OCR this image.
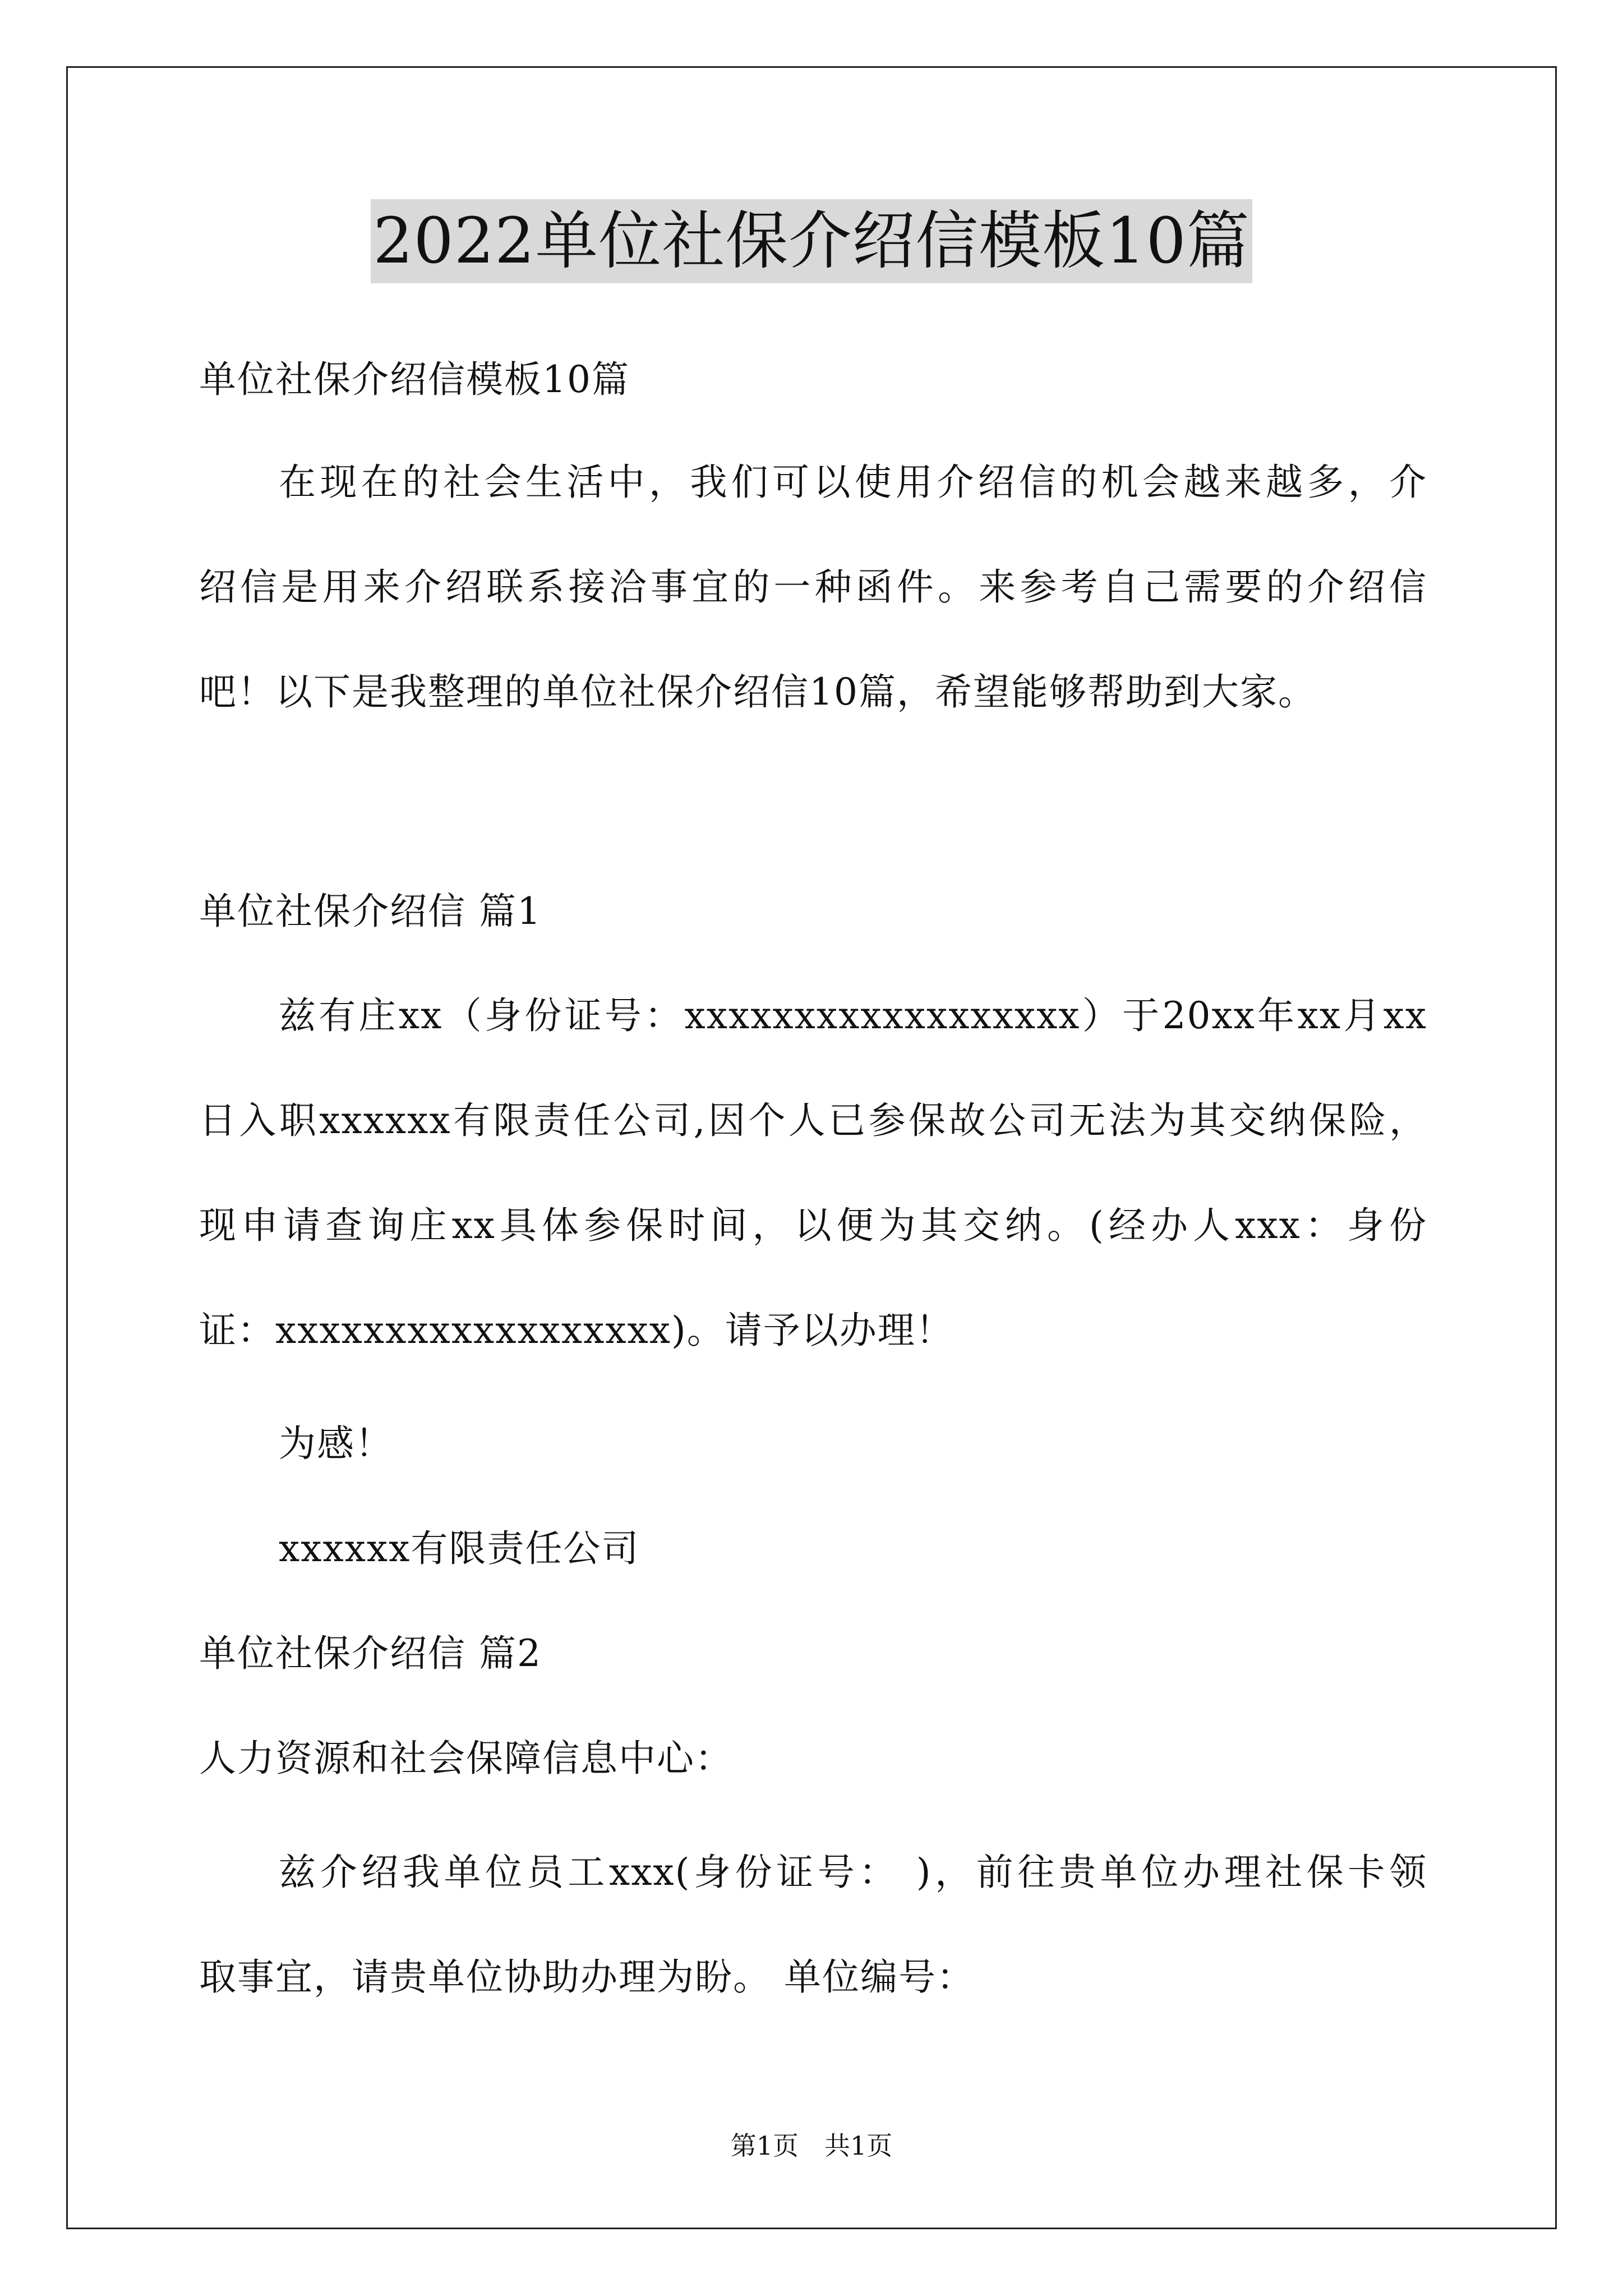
2022单位社保介绍信模板10篇
单位社保介绍信模板10篇
在现在的社会生活中，我们可以使用介绍信的机会越来越多，介
绍信是用来介绍联系接洽事宜的一种函件。来参考自己需要的介绍信
吧！以下是我整理的单位社保介绍信10篇，希望能够帮助到大家。
单位社保介绍信 篇1
兹有庄xx（身份证号：xxxxxxxxxxxxxxxxxx）于20xx年xx月xx
日入职xxxxxx有限责任公司,因个人已参保故公司无法为其交纳保险，
现申请查询庄xx具体参保时间，以便为其交纳。(经办人xxx：身份
证：xxxxxxxxxxxxxxxxxx)。请予以办理！
为感！
xxxxxx有限责任公司
单位社保介绍信 篇2
人力资源和社会保障信息中心：
兹介绍我单位员工xxx(身份证号： )，前往贵单位办理社保卡领
取事宜，请贵单位协助办理为盼。 单位编号：
第1页　共1页
